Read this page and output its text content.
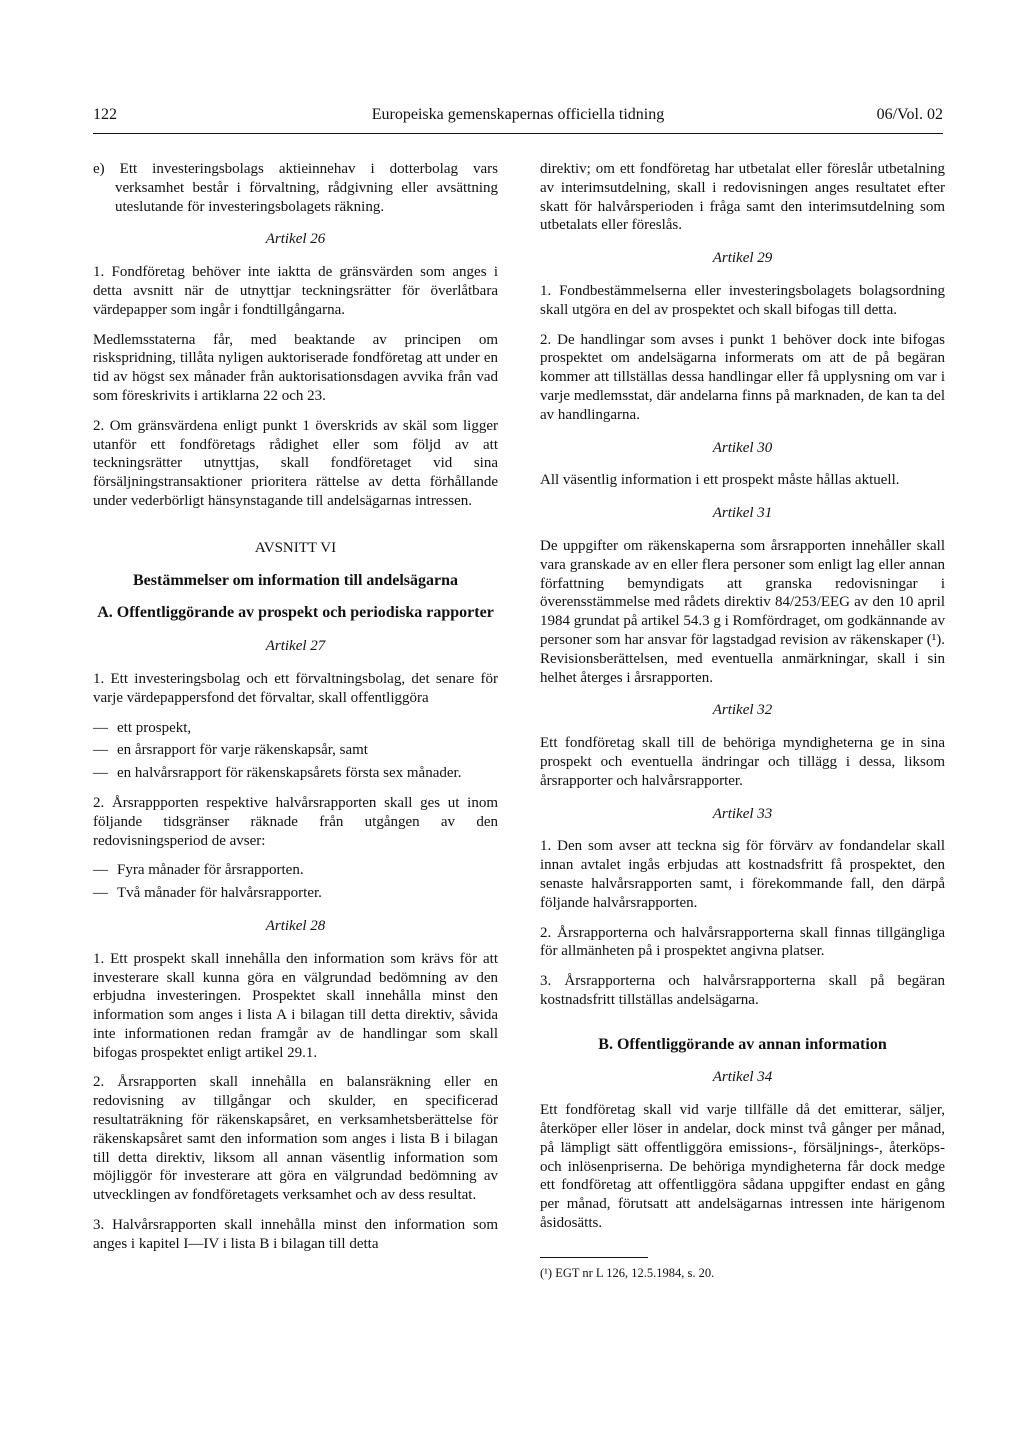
122	Europeiska gemenskapernas officiella tidning	06/Vol. 02

e) Ett investeringsbolags aktieinnehav i dotterbolag vars verksamhet består i förvaltning, rådgivning eller avsättning uteslutande för investeringsbolagets räkning.

Artikel 26

1. Fondföretag behöver inte iaktta de gränsvärden som anges i detta avsnitt när de utnyttjar teckningsrätter för överlåtbara värdepapper som ingår i fondtillgångarna.

Medlemsstaterna får, med beaktande av principen om riskspridning, tillåta nyligen auktoriserade fondföretag att under en tid av högst sex månader från auktorisationsdagen avvika från vad som föreskrivits i artiklarna 22 och 23.

2. Om gränsvärdena enligt punkt 1 överskrids av skäl som ligger utanför ett fondföretags rådighet eller som följd av att teckningsrätter utnyttjas, skall fondföretaget vid sina försäljningstransaktioner prioritera rättelse av detta förhållande under vederbörligt hänsynstagande till andelsägarnas intressen.

AVSNITT VI
Bestämmelser om information till andelsägarna
A. Offentliggörande av prospekt och periodiska rapporter
Artikel 27

1. Ett investeringsbolag och ett förvaltningsbolag, det senare för varje värdepappersfond det förvaltar, skall offentliggöra

— ett prospekt,
— en årsrapport för varje räkenskapsår, samt
— en halvårsrapport för räkenskapsårets första sex månader.

2. Årsrappporten respektive halvårsrapporten skall ges ut inom följande tidsgränser räknade från utgången av den redovisningsperiod de avser:

— Fyra månader för årsrapporten.
— Två månader för halvårsrapporter.
Artikel 28

1. Ett prospekt skall innehålla den information som krävs för att investerare skall kunna göra en välgrundad bedömning av den erbjudna investeringen. Prospektet skall innehålla minst den information som anges i lista A i bilagan till detta direktiv, såvida inte informationen redan framgår av de handlingar som skall bifogas prospektet enligt artikel 29.1.

2. Årsrapporten skall innehålla en balansräkning eller en redovisning av tillgångar och skulder, en specificerad resultaträkning för räkenskapsåret, en verksamhetsberättelse för räkenskapsåret samt den information som anges i lista B i bilagan till detta direktiv, liksom all annan väsentlig information som möjliggör för investerare att göra en välgrundad bedömning av utvecklingen av fondföretagets verksamhet och av dess resultat.

3. Halvårsrapporten skall innehålla minst den information som anges i kapitel I—IV i lista B i bilagan till detta

direktiv; om ett fondföretag har utbetalat eller föreslår utbetalning av interimsutdelning, skall i redovisningen anges resultatet efter skatt för halvårsperioden i fråga samt den interimsutdelning som utbetalats eller föreslås.

Artikel 29

1. Fondbestämmelserna eller investeringsbolagets bolagsordning skall utgöra en del av prospektet och skall bifogas till detta.

2. De handlingar som avses i punkt 1 behöver dock inte bifogas prospektet om andelsägarna informerats om att de på begäran kommer att tillställas dessa handlingar eller få upplysning om var i varje medlemsstat, där andelarna finns på marknaden, de kan ta del av handlingarna.

Artikel 30

All väsentlig information i ett prospekt måste hållas aktuell.

Artikel 31

De uppgifter om räkenskaperna som årsrapporten innehåller skall vara granskade av en eller flera personer som enligt lag eller annan författning bemyndigats att granska redovisningar i överensstämmelse med rådets direktiv 84/253/EEG av den 10 april 1984 grundat på artikel 54.3 g i Romfördraget, om godkännande av personer som har ansvar för lagstadgad revision av räkenskaper (¹). Revisionsberättelsen, med eventuella anmärkningar, skall i sin helhet återges i årsrapporten.

Artikel 32

Ett fondföretag skall till de behöriga myndigheterna ge in sina prospekt och eventuella ändringar och tillägg i dessa, liksom årsrapporter och halvårsrapporter.

Artikel 33

1. Den som avser att teckna sig för förvärv av fondandelar skall innan avtalet ingås erbjudas att kostnadsfritt få prospektet, den senaste halvårsrapporten samt, i förekommande fall, den därpå följande halvårsrapporten.

2. Årsrapporterna och halvårsrapporterna skall finnas tillgängliga för allmänheten på i prospektet angivna platser.

3. Årsrapporterna och halvårsrapporterna skall på begäran kostnadsfritt tillställas andelsägarna.

B. Offentliggörande av annan information
Artikel 34

Ett fondföretag skall vid varje tillfälle då det emitterar, säljer, återköper eller löser in andelar, dock minst två gånger per månad, på lämpligt sätt offentliggöra emissions-, försäljnings-, återköps- och inlösenpriserna. De behöriga myndigheterna får dock medge ett fondföretag att offentliggöra sådana uppgifter endast en gång per månad, förutsatt att andelsägarnas intressen inte härigenom åsidosätts.

(¹) EGT nr L 126, 12.5.1984, s. 20.
